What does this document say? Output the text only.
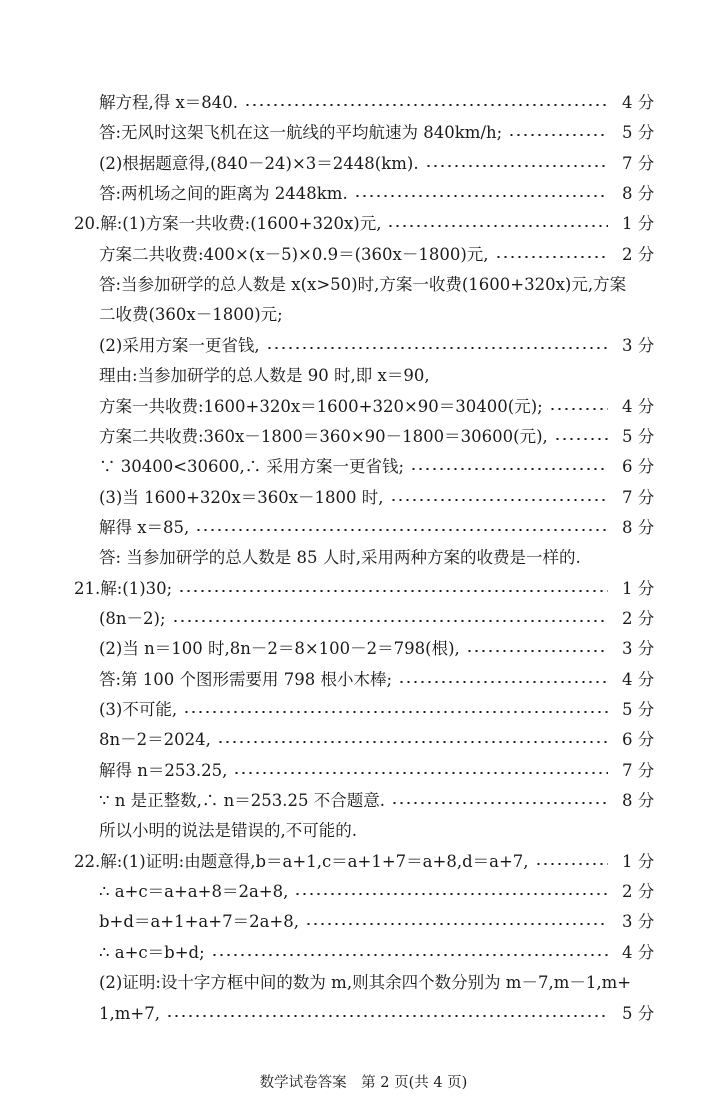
解方程,得 x＝840.	4 分
答:无风时这架飞机在这一航线的平均航速为 840km/h;	5 分
(2)根据题意得,(840－24)×3＝2448(km).	7 分
答:两机场之间的距离为 2448km.	8 分
20.解:(1)方案一共收费:(1600+320x)元,	1 分
方案二共收费:400×(x－5)×0.9＝(360x－1800)元,	2 分
答:当参加研学的总人数是 x(x>50)时,方案一收费(1600+320x)元,方案
二收费(360x－1800)元;
(2)采用方案一更省钱,	3 分
理由:当参加研学的总人数是 90 时,即 x＝90,
方案一共收费:1600+320x＝1600+320×90＝30400(元);	4 分
方案二共收费:360x－1800＝360×90－1800＝30600(元),	5 分
∵ 30400<30600,∴ 采用方案一更省钱;	6 分
(3)当 1600+320x＝360x－1800 时,	7 分
解得 x＝85,	8 分
答: 当参加研学的总人数是 85 人时,采用两种方案的收费是一样的.
21.解:(1)30;	1 分
(8n－2);	2 分
(2)当 n＝100 时,8n－2＝8×100－2＝798(根),	3 分
答:第 100 个图形需要用 798 根小木棒;	4 分
(3)不可能,	5 分
8n－2＝2024,	6 分
解得 n＝253.25,	7 分
∵ n 是正整数,∴ n＝253.25 不合题意.	8 分
所以小明的说法是错误的,不可能的.
22.解:(1)证明:由题意得,b＝a+1,c＝a+1+7＝a+8,d＝a+7,	1 分
∴ a+c＝a+a+8＝2a+8,	2 分
b+d＝a+1+a+7＝2a+8,	3 分
∴ a+c＝b+d;	4 分
(2)证明:设十字方框中间的数为 m,则其余四个数分别为 m－7,m－1,m+
1,m+7,	5 分
数学试卷答案　第 2 页(共 4 页)
